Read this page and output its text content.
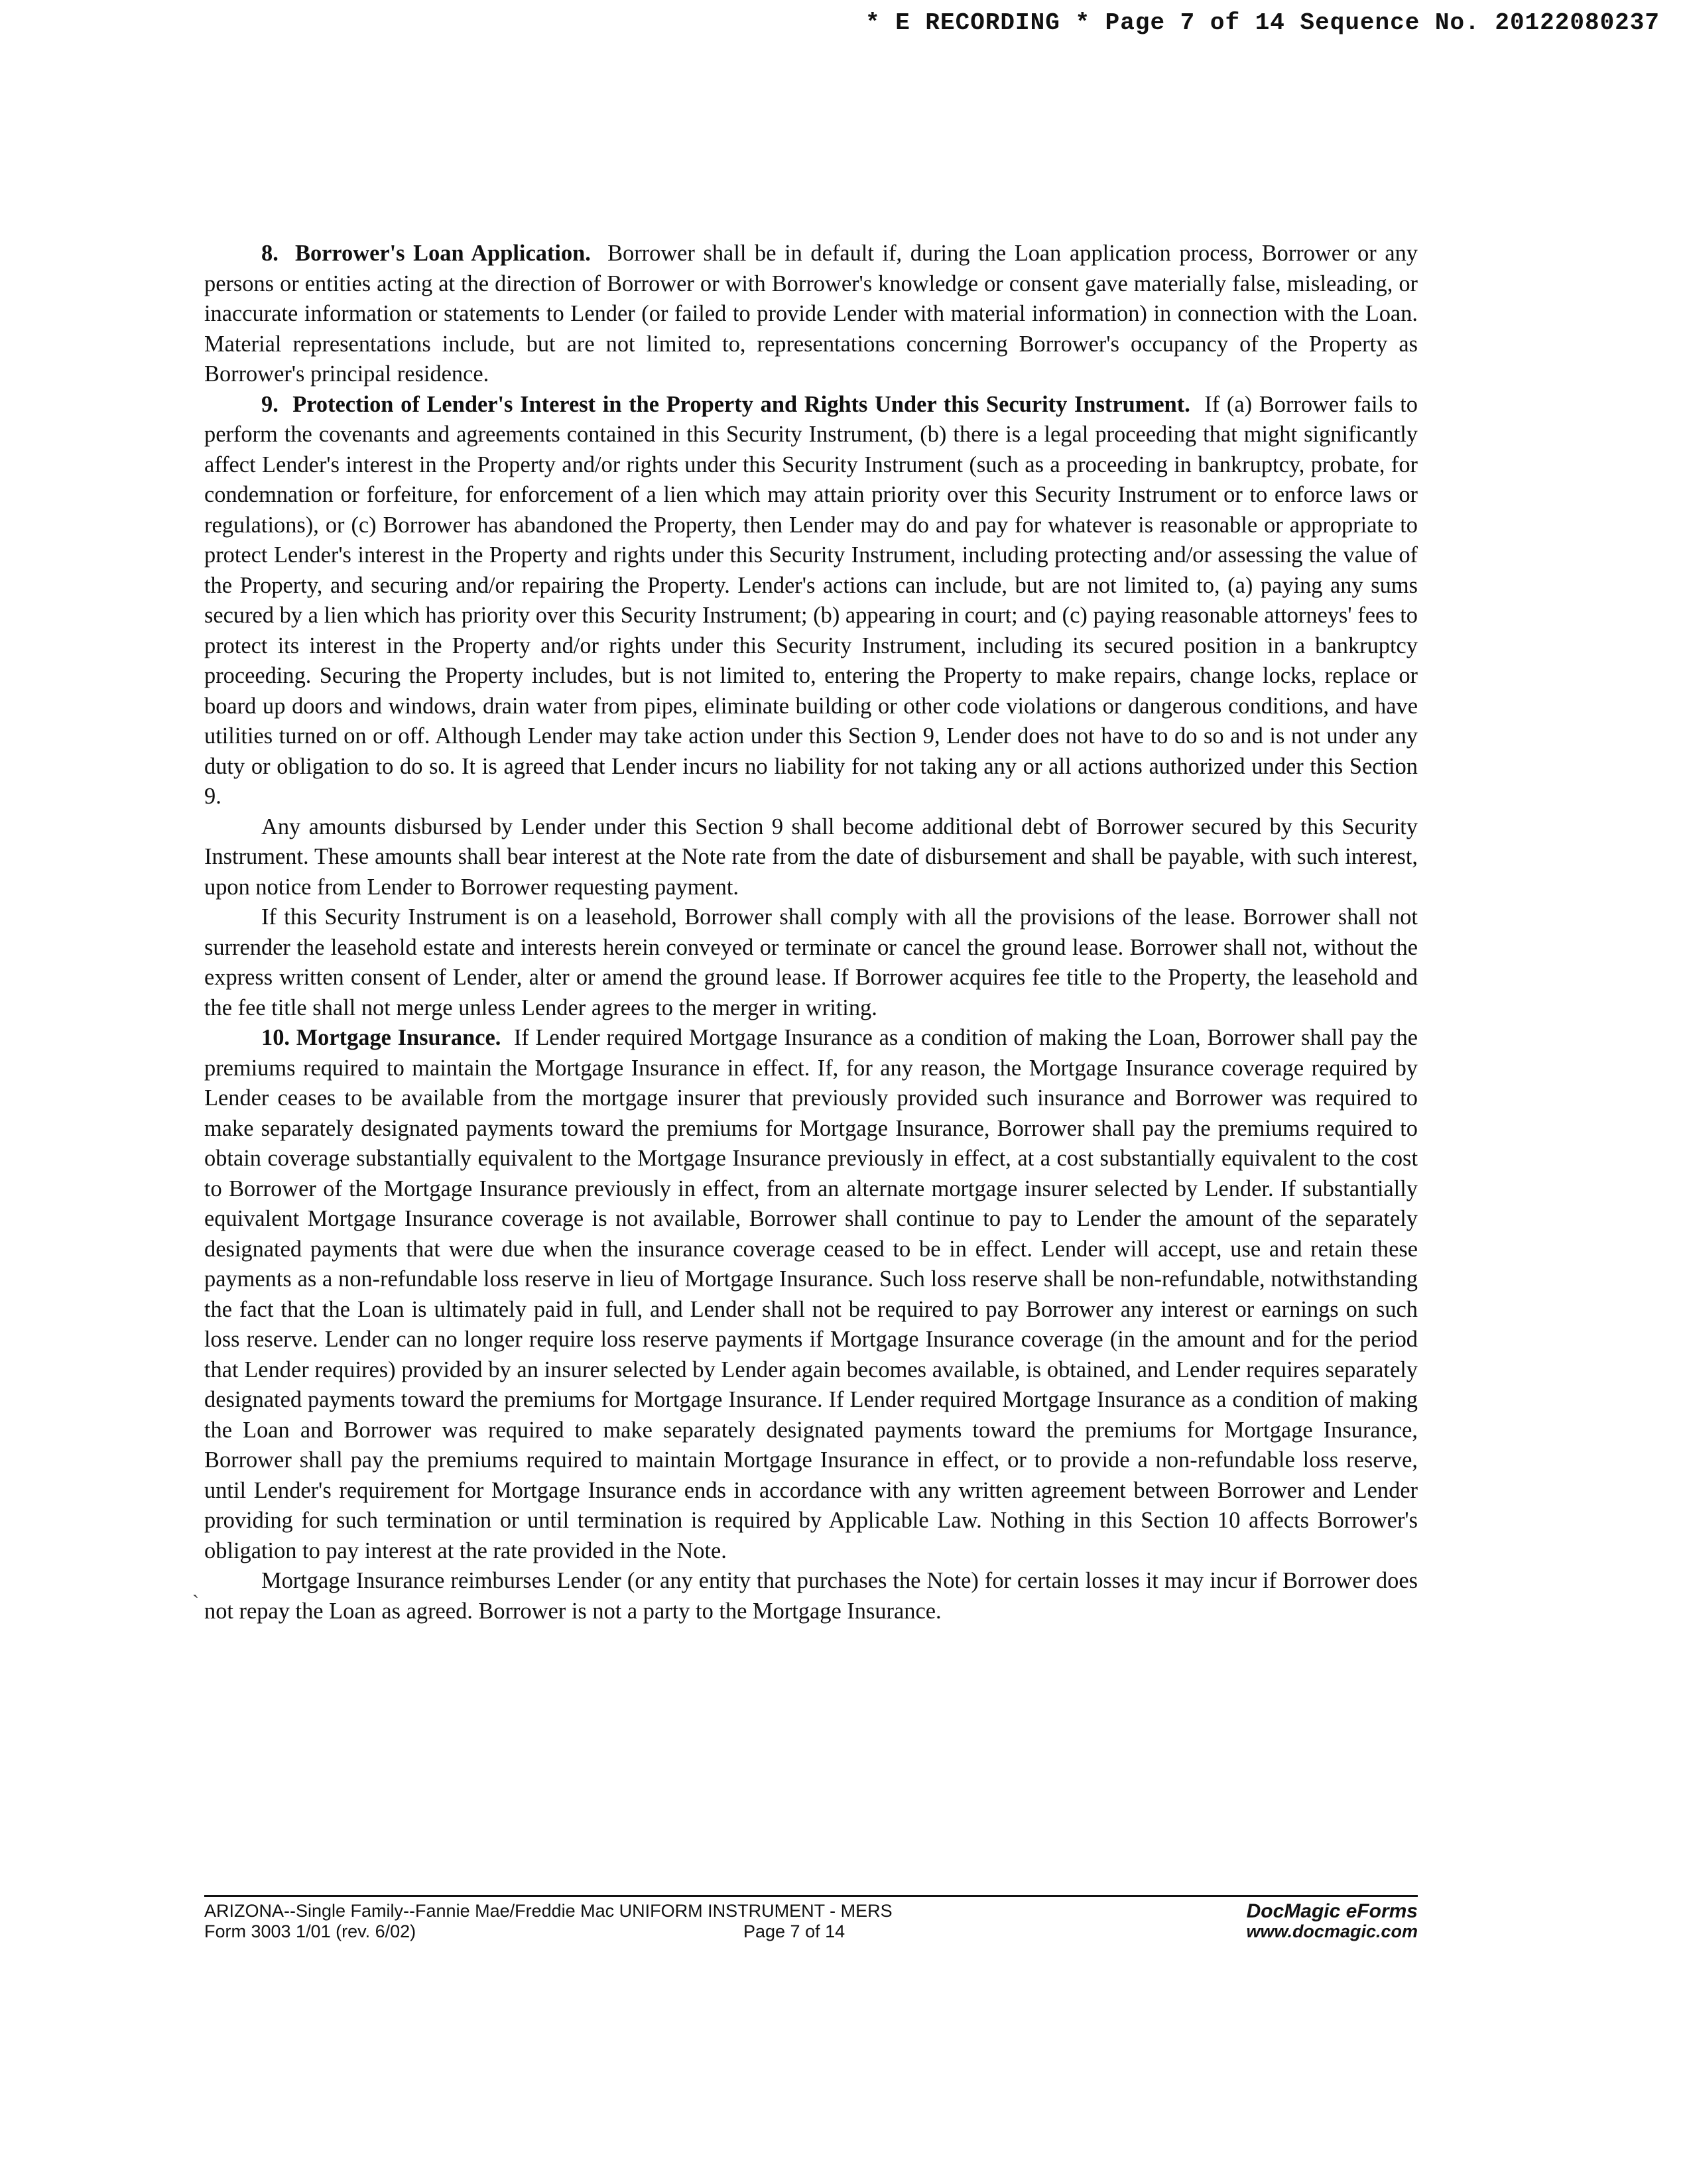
* E RECORDING * Page 7 of 14 Sequence No. 20122080237

8. Borrower's Loan Application. Borrower shall be in default if, during the Loan application process, Borrower or any persons or entities acting at the direction of Borrower or with Borrower's knowledge or consent gave materially false, misleading, or inaccurate information or statements to Lender (or failed to provide Lender with material information) in connection with the Loan. Material representations include, but are not limited to, representations concerning Borrower's occupancy of the Property as Borrower's principal residence.

9. Protection of Lender's Interest in the Property and Rights Under this Security Instrument. If (a) Borrower fails to perform the covenants and agreements contained in this Security Instrument, (b) there is a legal proceeding that might significantly affect Lender's interest in the Property and/or rights under this Security Instrument (such as a proceeding in bankruptcy, probate, for condemnation or forfeiture, for enforcement of a lien which may attain priority over this Security Instrument or to enforce laws or regulations), or (c) Borrower has abandoned the Property, then Lender may do and pay for whatever is reasonable or appropriate to protect Lender's interest in the Property and rights under this Security Instrument, including protecting and/or assessing the value of the Property, and securing and/or repairing the Property. Lender's actions can include, but are not limited to, (a) paying any sums secured by a lien which has priority over this Security Instrument; (b) appearing in court; and (c) paying reasonable attorneys' fees to protect its interest in the Property and/or rights under this Security Instrument, including its secured position in a bankruptcy proceeding. Securing the Property includes, but is not limited to, entering the Property to make repairs, change locks, replace or board up doors and windows, drain water from pipes, eliminate building or other code violations or dangerous conditions, and have utilities turned on or off. Although Lender may take action under this Section 9, Lender does not have to do so and is not under any duty or obligation to do so. It is agreed that Lender incurs no liability for not taking any or all actions authorized under this Section 9.

Any amounts disbursed by Lender under this Section 9 shall become additional debt of Borrower secured by this Security Instrument. These amounts shall bear interest at the Note rate from the date of disbursement and shall be payable, with such interest, upon notice from Lender to Borrower requesting payment.

If this Security Instrument is on a leasehold, Borrower shall comply with all the provisions of the lease. Borrower shall not surrender the leasehold estate and interests herein conveyed or terminate or cancel the ground lease. Borrower shall not, without the express written consent of Lender, alter or amend the ground lease. If Borrower acquires fee title to the Property, the leasehold and the fee title shall not merge unless Lender agrees to the merger in writing.

10. Mortgage Insurance. If Lender required Mortgage Insurance as a condition of making the Loan, Borrower shall pay the premiums required to maintain the Mortgage Insurance in effect. If, for any reason, the Mortgage Insurance coverage required by Lender ceases to be available from the mortgage insurer that previously provided such insurance and Borrower was required to make separately designated payments toward the premiums for Mortgage Insurance, Borrower shall pay the premiums required to obtain coverage substantially equivalent to the Mortgage Insurance previously in effect, at a cost substantially equivalent to the cost to Borrower of the Mortgage Insurance previously in effect, from an alternate mortgage insurer selected by Lender. If substantially equivalent Mortgage Insurance coverage is not available, Borrower shall continue to pay to Lender the amount of the separately designated payments that were due when the insurance coverage ceased to be in effect. Lender will accept, use and retain these payments as a non-refundable loss reserve in lieu of Mortgage Insurance. Such loss reserve shall be non-refundable, notwithstanding the fact that the Loan is ultimately paid in full, and Lender shall not be required to pay Borrower any interest or earnings on such loss reserve. Lender can no longer require loss reserve payments if Mortgage Insurance coverage (in the amount and for the period that Lender requires) provided by an insurer selected by Lender again becomes available, is obtained, and Lender requires separately designated payments toward the premiums for Mortgage Insurance. If Lender required Mortgage Insurance as a condition of making the Loan and Borrower was required to make separately designated payments toward the premiums for Mortgage Insurance, Borrower shall pay the premiums required to maintain Mortgage Insurance in effect, or to provide a non-refundable loss reserve, until Lender's requirement for Mortgage Insurance ends in accordance with any written agreement between Borrower and Lender providing for such termination or until termination is required by Applicable Law. Nothing in this Section 10 affects Borrower's obligation to pay interest at the rate provided in the Note.

Mortgage Insurance reimburses Lender (or any entity that purchases the Note) for certain losses it may incur if Borrower does not repay the Loan as agreed. Borrower is not a party to the Mortgage Insurance.

`
ARIZONA--Single Family--Fannie Mae/Freddie Mac UNIFORM INSTRUMENT - MERS
Form 3003 1/01 (rev. 6/02)	Page 7 of 14
DocMagic eForms
www.docmagic.com
